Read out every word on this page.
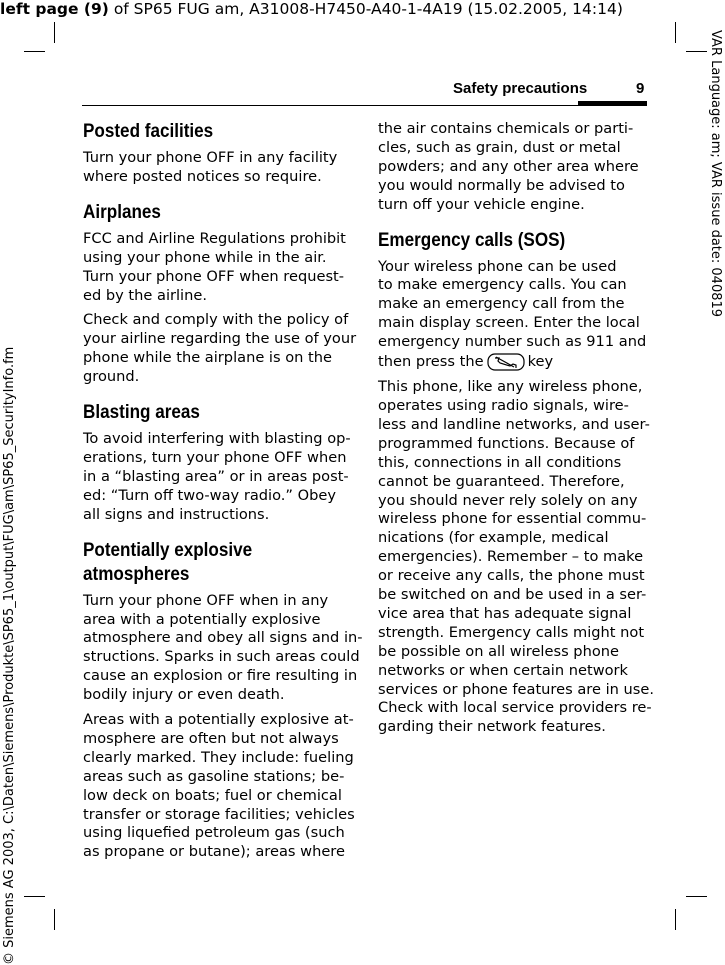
left page (9) of SP65 FUG am, A31008-H7450-A40-1-4A19 (15.02.2005, 14:14)
VAR Language: am; VAR issue date: 040819
© Siemens AG 2003, C:\Daten\Siemens\Produkte\SP65_1\output\FUG\am\SP65_SecurityInfo.fm
Safety precautions	9
Posted facilities

Turn your phone OFF in any facility
where posted notices so require.

Airplanes

FCC and Airline Regulations prohibit
using your phone while in the air.
Turn your phone OFF when request-
ed by the airline.

Check and comply with the policy of
your airline regarding the use of your
phone while the airplane is on the
ground.

Blasting areas

To avoid interfering with blasting op-
erations, turn your phone OFF when
in a “blasting area” or in areas post-
ed: “Turn off two-way radio.” Obey
all signs and instructions.

Potentially explosive
atmospheres

Turn your phone OFF when in any
area with a potentially explosive
atmosphere and obey all signs and in-
structions. Sparks in such areas could
cause an explosion or fire resulting in
bodily injury or even death.

Areas with a potentially explosive at-
mosphere are often but not always
clearly marked. They include: fueling
areas such as gasoline stations; be-
low deck on boats; fuel or chemical
transfer or storage facilities; vehicles
using liquefied petroleum gas (such
as propane or butane); areas where

the air contains chemicals or parti-
cles, such as grain, dust or metal
powders; and any other area where
you would normally be advised to
turn off your vehicle engine.

Emergency calls (SOS)

Your wireless phone can be used
to make emergency calls. You can
make an emergency call from the
main display screen. Enter the local
emergency number such as 911 and
then press the	key

This phone, like any wireless phone,
operates using radio signals, wire-
less and landline networks, and user-
programmed functions. Because of
this, connections in all conditions
cannot be guaranteed. Therefore,
you should never rely solely on any
wireless phone for essential commu-
nications (for example, medical
emergencies). Remember – to make
or receive any calls, the phone must
be switched on and be used in a ser-
vice area that has adequate signal
strength. Emergency calls might not
be possible on all wireless phone
networks or when certain network
services or phone features are in use.
Check with local service providers re-
garding their network features.
